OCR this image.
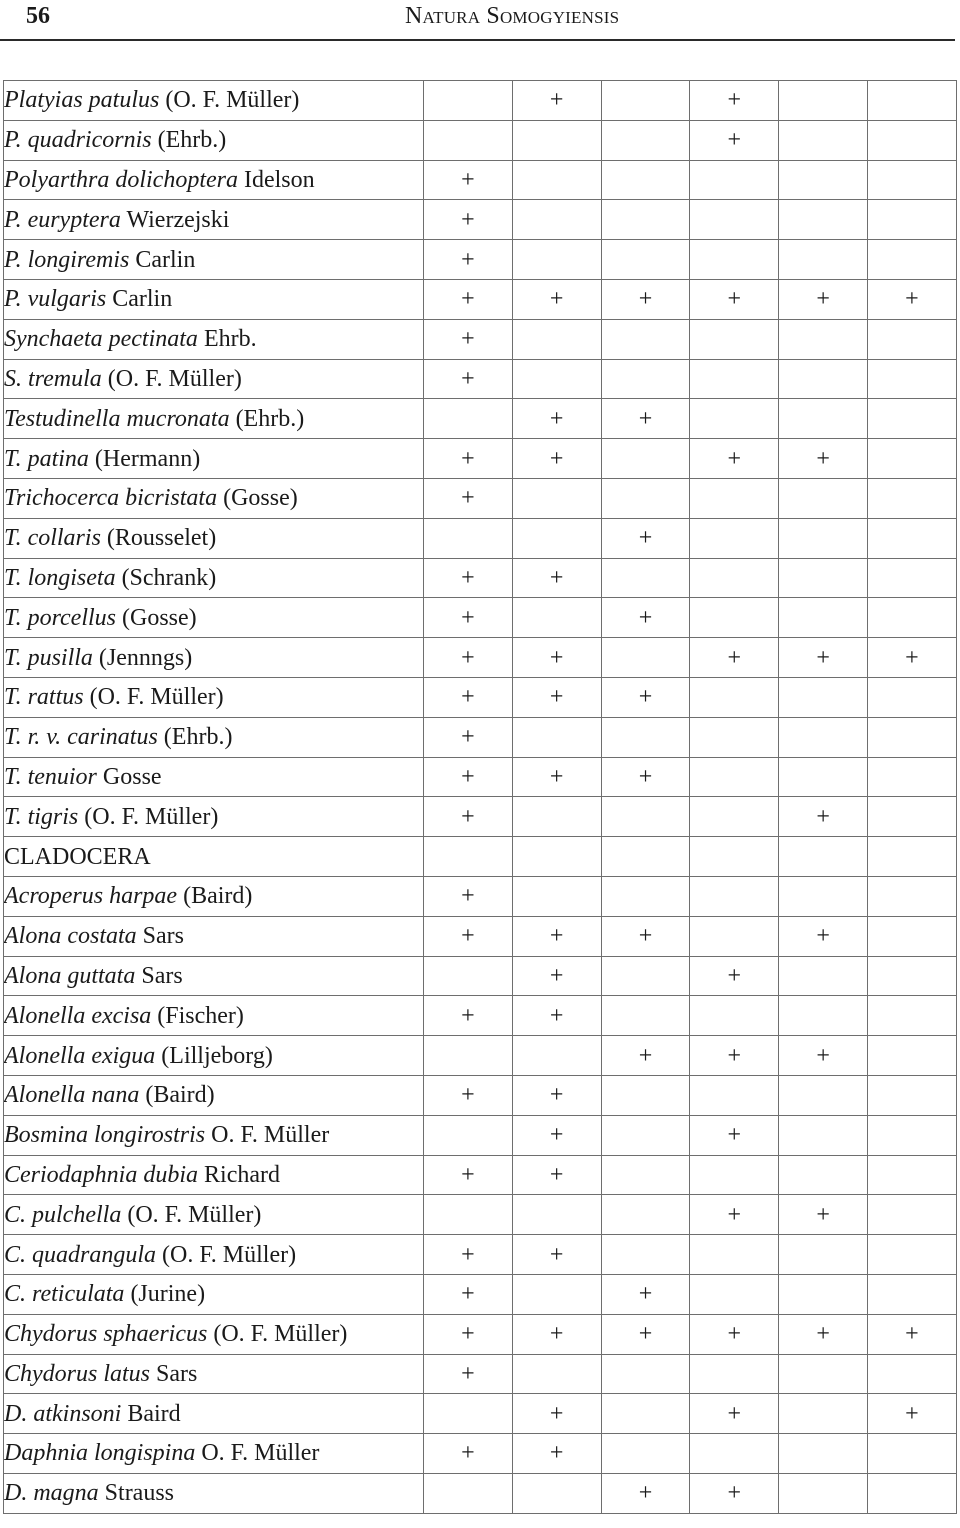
56	Natura Somogyiensis
Platyias patulus (O. F. Müller)		+		+		
P. quadricornis (Ehrb.)				+		
Polyarthra dolichoptera Idelson	+					
P. euryptera Wierzejski	+					
P. longiremis Carlin	+					
P. vulgaris Carlin	+	+	+	+	+	+
Synchaeta pectinata Ehrb.	+					
S. tremula (O. F. Müller)	+					
Testudinella mucronata (Ehrb.)		+	+			
T. patina (Hermann)	+	+		+	+	
Trichocerca bicristata (Gosse)	+					
T. collaris (Rousselet)			+			
T. longiseta (Schrank)	+	+				
T. porcellus (Gosse)	+		+			
T. pusilla (Jennngs)	+	+		+	+	+
T. rattus (O. F. Müller)	+	+	+			
T. r. v. carinatus (Ehrb.)	+					
T. tenuior Gosse	+	+	+			
T. tigris (O. F. Müller)	+				+	
CLADOCERA						
Acroperus harpae (Baird)	+					
Alona costata Sars	+	+	+		+	
Alona guttata Sars		+		+		
Alonella excisa (Fischer)	+	+				
Alonella exigua (Lilljeborg)			+	+	+	
Alonella nana (Baird)	+	+				
Bosmina longirostris O. F. Müller		+		+		
Ceriodaphnia dubia Richard	+	+				
C. pulchella (O. F. Müller)				+	+	
C. quadrangula (O. F. Müller)	+	+				
C. reticulata (Jurine)	+		+			
Chydorus sphaericus (O. F. Müller)	+	+	+	+	+	+
Chydorus latus Sars	+					
D. atkinsoni Baird		+		+		+
Daphnia longispina O. F. Müller	+	+				
D. magna Strauss			+	+		
